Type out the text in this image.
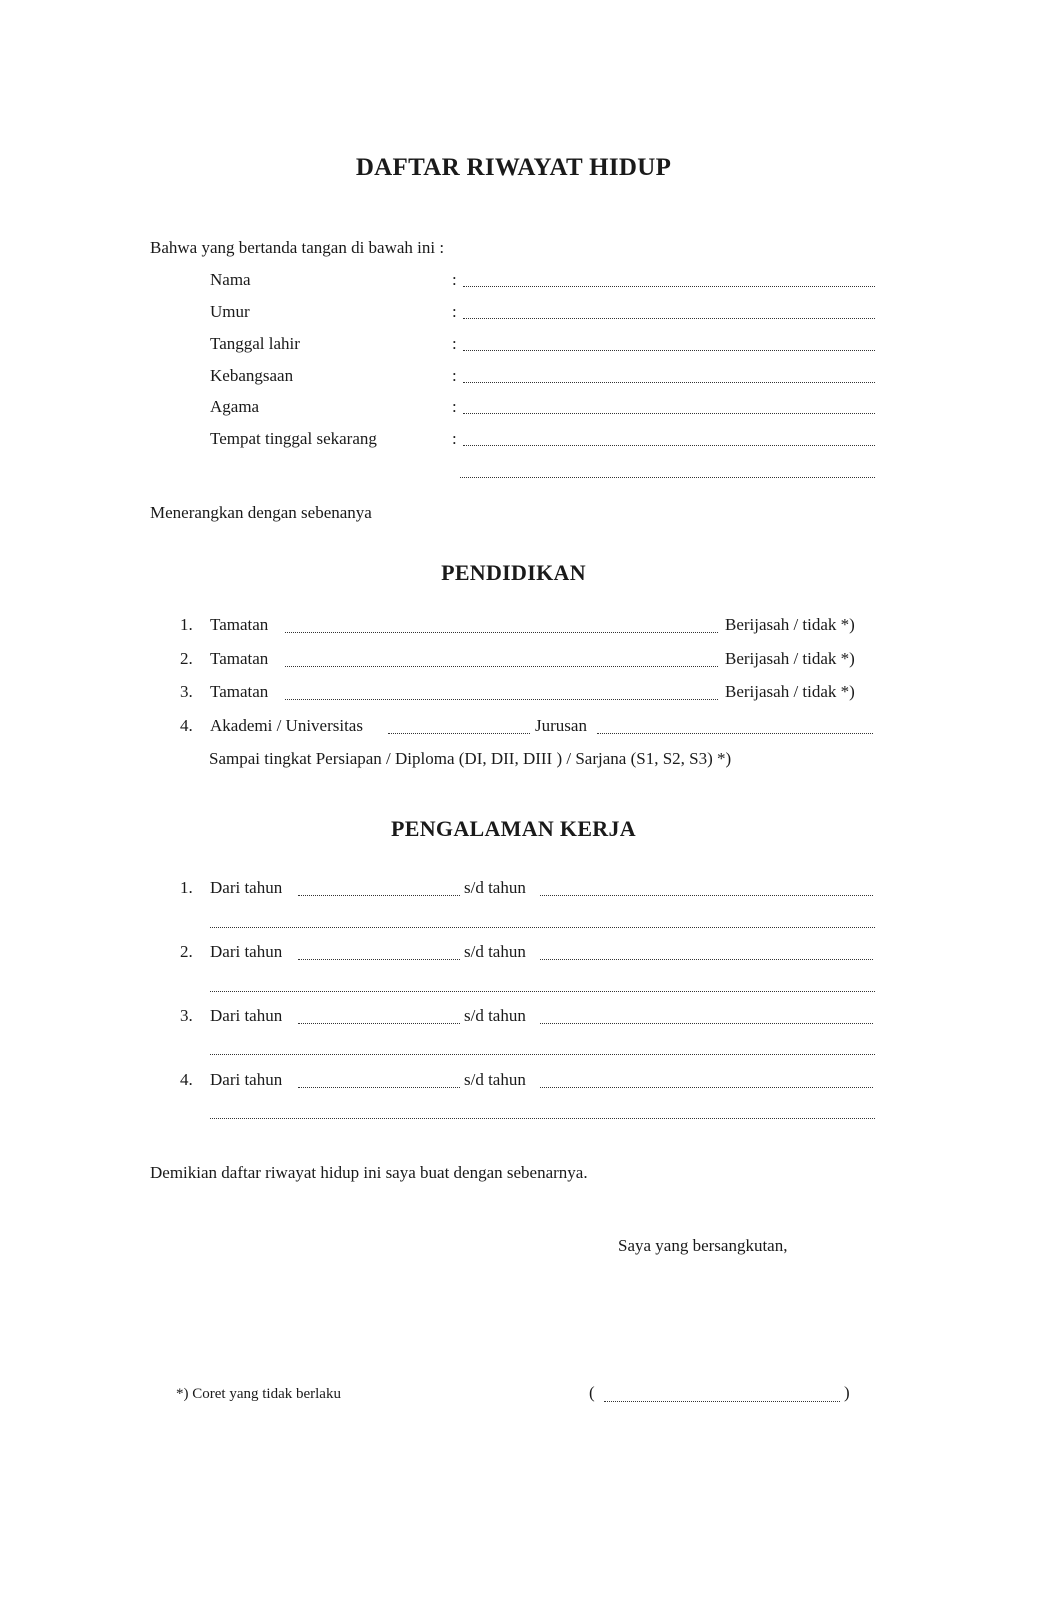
DAFTAR RIWAYAT HIDUP
Bahwa yang bertanda tangan di bawah ini :
Nama	:
Umur	:
Tanggal lahir	:
Kebangsaan	:
Agama	:
Tempat tinggal sekarang	:
Menerangkan dengan sebenanya
PENDIDIKAN
1. Tamatan	Berijasah / tidak *)
2. Tamatan	Berijasah / tidak *)
3. Tamatan	Berijasah / tidak *)
4. Akademi / Universitas	Jurusan
Sampai tingkat Persiapan / Diploma (DI, DII, DIII ) / Sarjana (S1, S2, S3) *)
PENGALAMAN KERJA
1. Dari tahun	s/d tahun
2. Dari tahun	s/d tahun
3. Dari tahun	s/d tahun
4. Dari tahun	s/d tahun
Demikian daftar riwayat hidup ini saya buat dengan sebenarnya.
Saya yang bersangkutan,
*) Coret yang tidak berlaku	(	)
